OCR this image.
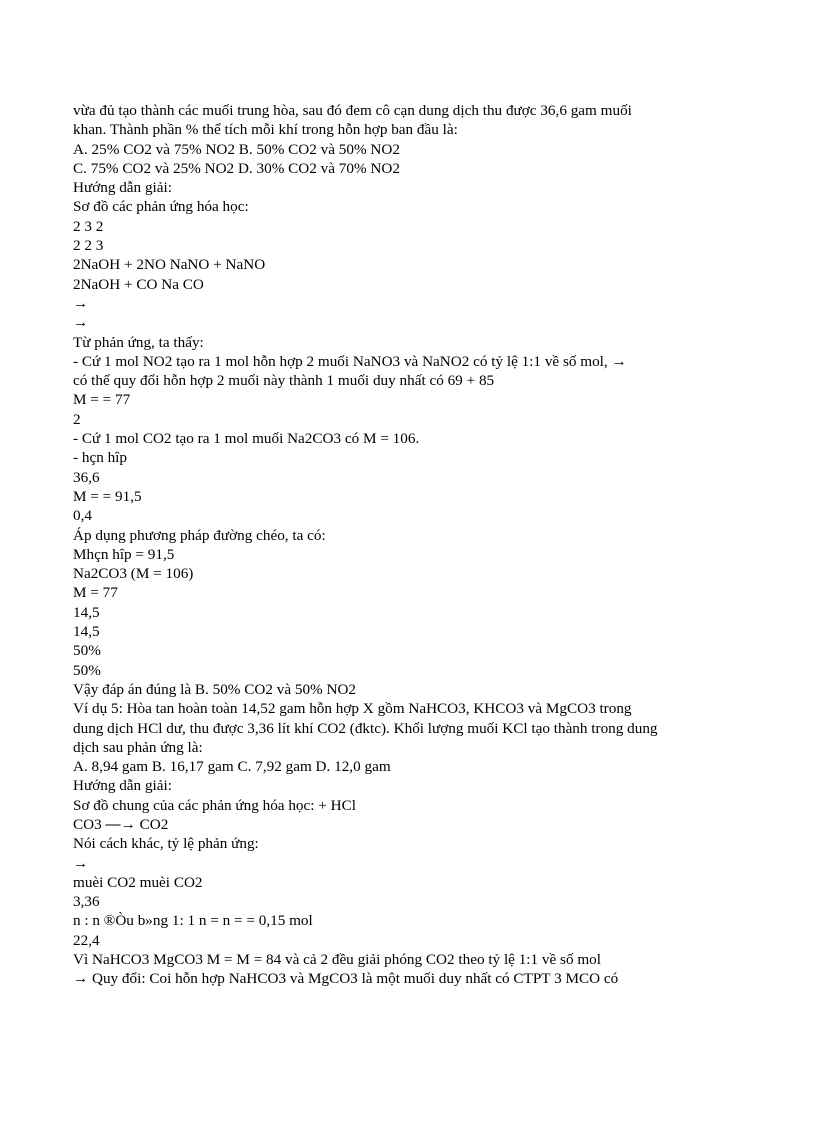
vừa đủ tạo thành các muối trung hòa, sau đó đem cô cạn dung dịch thu được 36,6 gam muối
khan. Thành phần % thể tích mỗi khí trong hỗn hợp ban đầu là:
A. 25% CO2 và 75% NO2 B. 50% CO2 và 50% NO2
C. 75% CO2 và 25% NO2 D. 30% CO2 và 70% NO2
Hướng dẫn giải:
Sơ đồ các phản ứng hóa học:
2 3 2
2 2 3
2NaOH + 2NO NaNO + NaNO
2NaOH + CO Na CO
→
→
Từ phản ứng, ta thấy:
- Cứ 1 mol NO2 tạo ra 1 mol hỗn hợp 2 muối NaNO3 và NaNO2 có tỷ lệ 1:1 về số mol, →
có thể quy đổi hỗn hợp 2 muối này thành 1 muối duy nhất có 69 + 85
M = = 77
2
- Cứ 1 mol CO2 tạo ra 1 mol muối Na2CO3 có M = 106.
- hçn hîp
36,6
M = = 91,5
0,4
Áp dụng phương pháp đường chéo, ta có:
Mhçn hîp = 91,5
Na2CO3 (M = 106)
M = 77
14,5
14,5
50%
50%
Vậy đáp án đúng là B. 50% CO2 và 50% NO2
Ví dụ 5: Hòa tan hoàn toàn 14,52 gam hỗn hợp X gồm NaHCO3, KHCO3 và MgCO3 trong
dung dịch HCl dư, thu được 3,36 lít khí CO2 (đktc). Khối lượng muối KCl tạo thành trong dung
dịch sau phản ứng là:
A. 8,94 gam B. 16,17 gam C. 7,92 gam D. 12,0 gam
Hướng dẫn giải:
Sơ đồ chung của các phản ứng hóa học: + HCl
CO3 ⎯⎯→ CO2
Nói cách khác, tỷ lệ phản ứng:
→
muèi CO2 muèi CO2
3,36
n : n ®Òu b»ng 1: 1 n = n = = 0,15 mol
22,4
Vì NaHCO3 MgCO3 M = M = 84 và cả 2 đều giải phóng CO2 theo tỷ lệ 1:1 về số mol
→ Quy đổi: Coi hỗn hợp NaHCO3 và MgCO3 là một muối duy nhất có CTPT 3 MCO có
